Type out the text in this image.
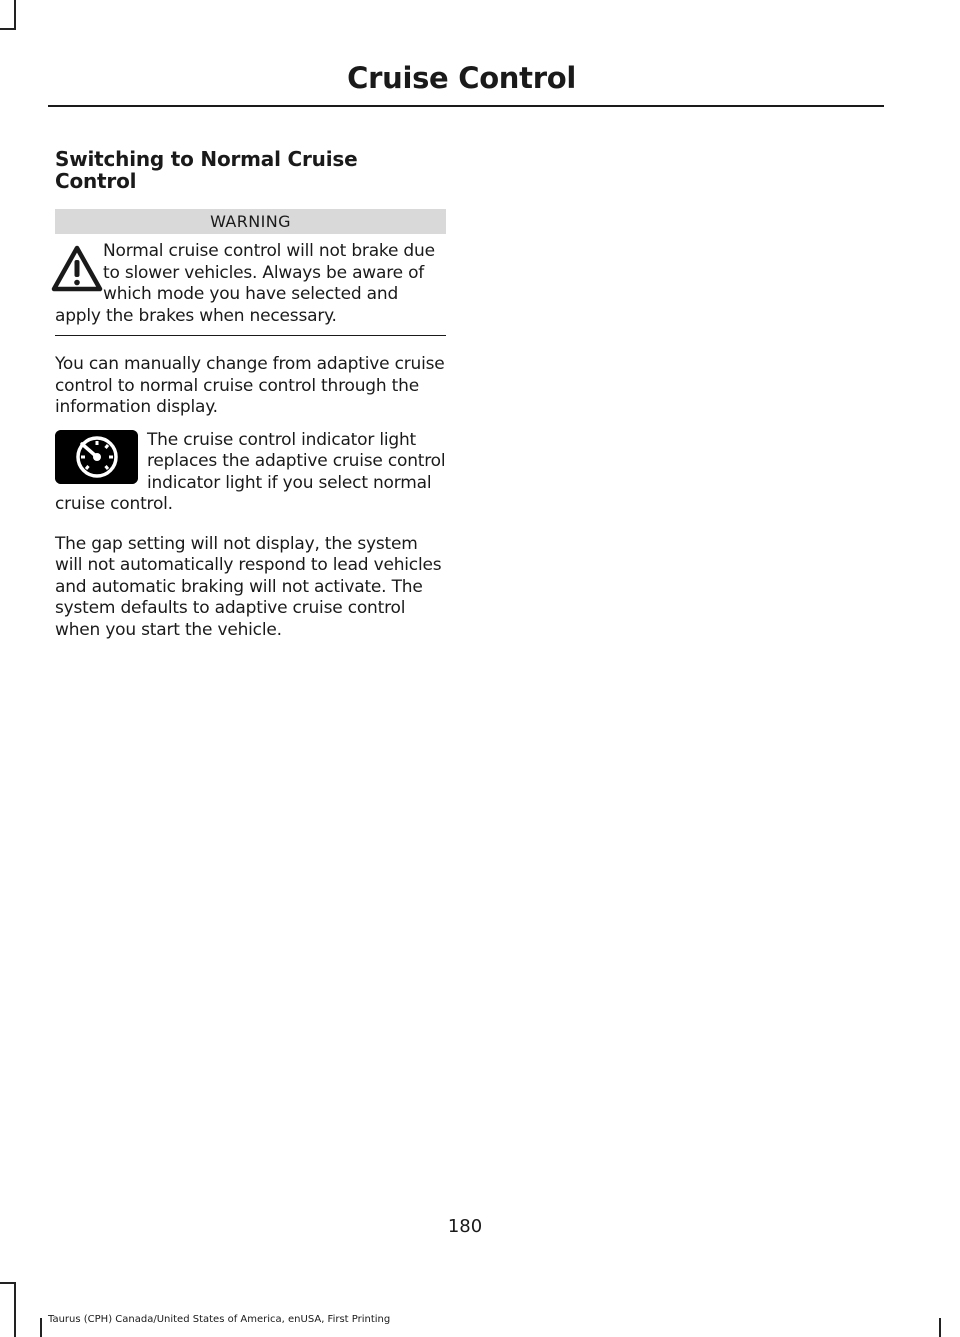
Cruise Control
Switching to Normal Cruise
Control
WARNING
Normal cruise control will not brake due to slower vehicles. Always be aware of which mode you have selected and apply the brakes when necessary.

You can manually change from adaptive cruise control to normal cruise control through the information display.

The cruise control indicator light replaces the adaptive cruise control indicator light if you select normal cruise control.

The gap setting will not display, the system will not automatically respond to lead vehicles and automatic braking will not activate. The system defaults to adaptive cruise control when you start the vehicle.

180
Taurus (CPH) Canada/United States of America, enUSA, First Printing
